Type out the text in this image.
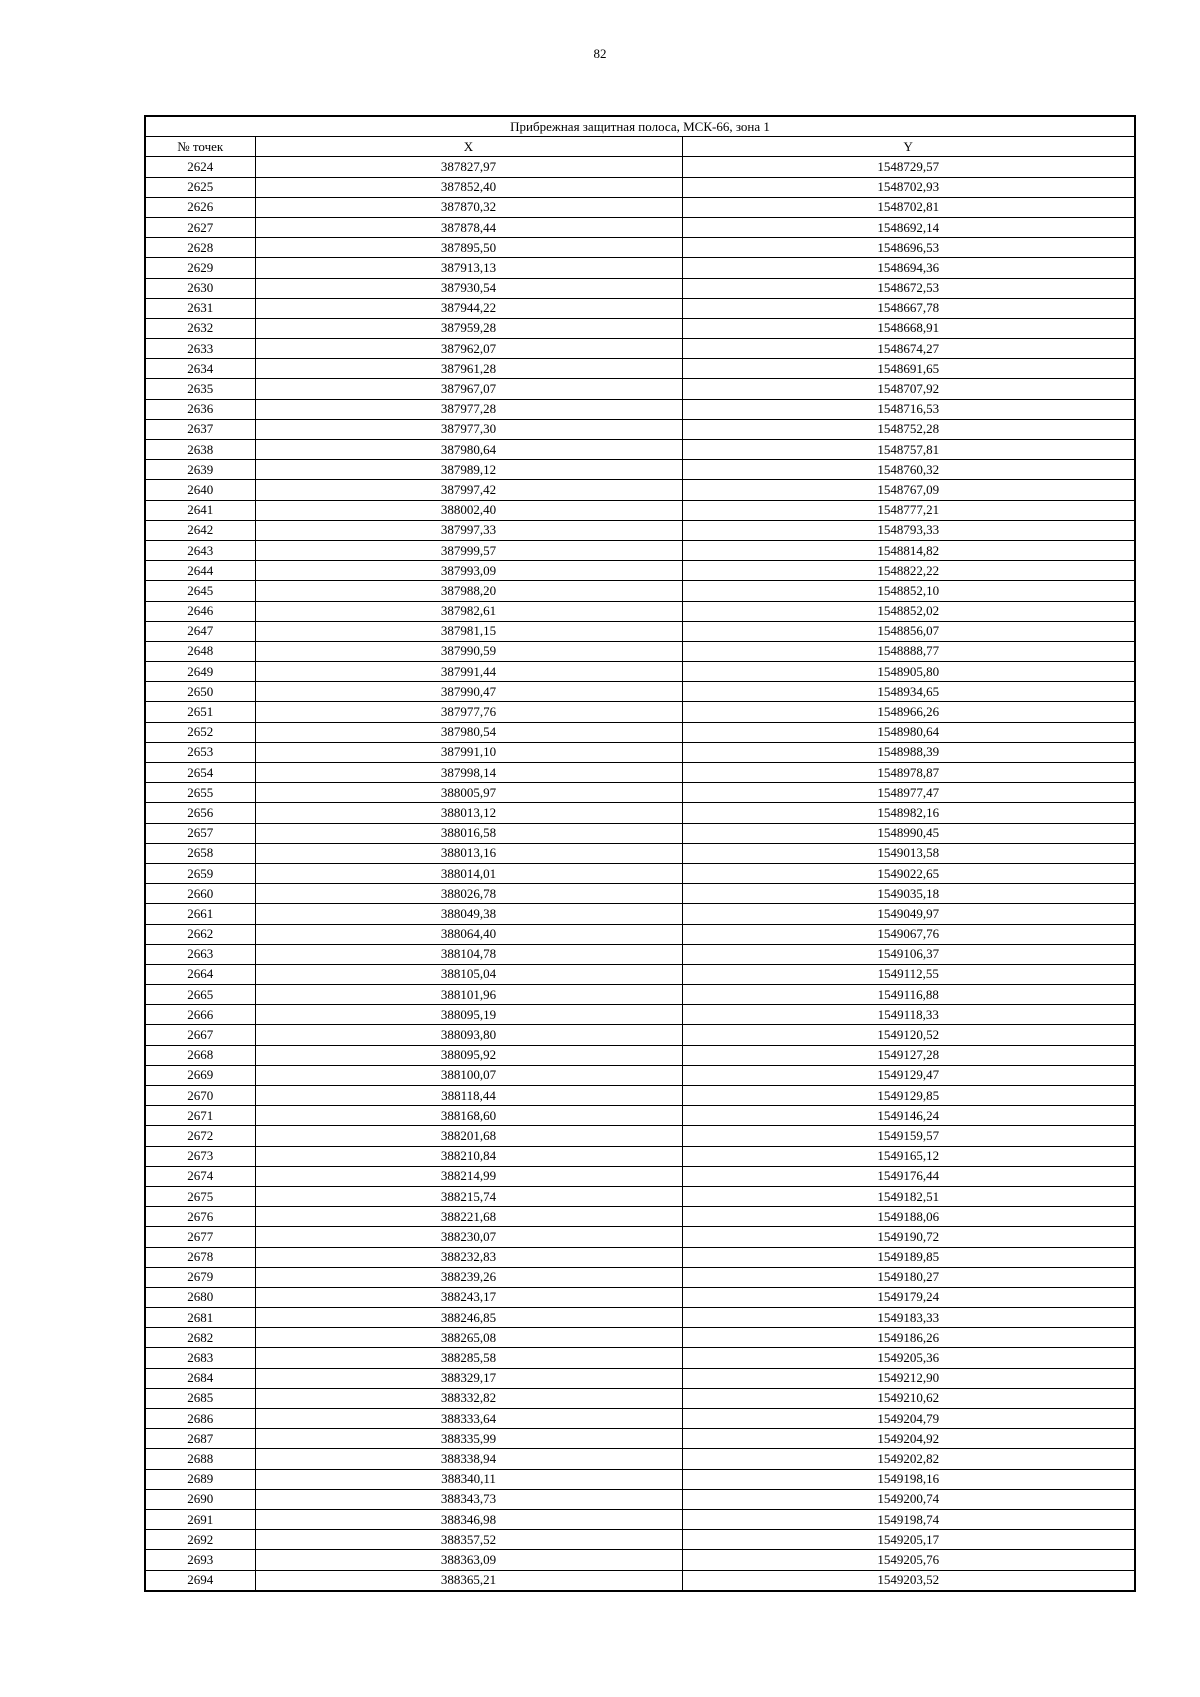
82
Прибрежная защитная полоса, МСК-66, зона 1		
№ точек	X	Y
2624	387827,97	1548729,57
2625	387852,40	1548702,93
2626	387870,32	1548702,81
2627	387878,44	1548692,14
2628	387895,50	1548696,53
2629	387913,13	1548694,36
2630	387930,54	1548672,53
2631	387944,22	1548667,78
2632	387959,28	1548668,91
2633	387962,07	1548674,27
2634	387961,28	1548691,65
2635	387967,07	1548707,92
2636	387977,28	1548716,53
2637	387977,30	1548752,28
2638	387980,64	1548757,81
2639	387989,12	1548760,32
2640	387997,42	1548767,09
2641	388002,40	1548777,21
2642	387997,33	1548793,33
2643	387999,57	1548814,82
2644	387993,09	1548822,22
2645	387988,20	1548852,10
2646	387982,61	1548852,02
2647	387981,15	1548856,07
2648	387990,59	1548888,77
2649	387991,44	1548905,80
2650	387990,47	1548934,65
2651	387977,76	1548966,26
2652	387980,54	1548980,64
2653	387991,10	1548988,39
2654	387998,14	1548978,87
2655	388005,97	1548977,47
2656	388013,12	1548982,16
2657	388016,58	1548990,45
2658	388013,16	1549013,58
2659	388014,01	1549022,65
2660	388026,78	1549035,18
2661	388049,38	1549049,97
2662	388064,40	1549067,76
2663	388104,78	1549106,37
2664	388105,04	1549112,55
2665	388101,96	1549116,88
2666	388095,19	1549118,33
2667	388093,80	1549120,52
2668	388095,92	1549127,28
2669	388100,07	1549129,47
2670	388118,44	1549129,85
2671	388168,60	1549146,24
2672	388201,68	1549159,57
2673	388210,84	1549165,12
2674	388214,99	1549176,44
2675	388215,74	1549182,51
2676	388221,68	1549188,06
2677	388230,07	1549190,72
2678	388232,83	1549189,85
2679	388239,26	1549180,27
2680	388243,17	1549179,24
2681	388246,85	1549183,33
2682	388265,08	1549186,26
2683	388285,58	1549205,36
2684	388329,17	1549212,90
2685	388332,82	1549210,62
2686	388333,64	1549204,79
2687	388335,99	1549204,92
2688	388338,94	1549202,82
2689	388340,11	1549198,16
2690	388343,73	1549200,74
2691	388346,98	1549198,74
2692	388357,52	1549205,17
2693	388363,09	1549205,76
2694	388365,21	1549203,52
